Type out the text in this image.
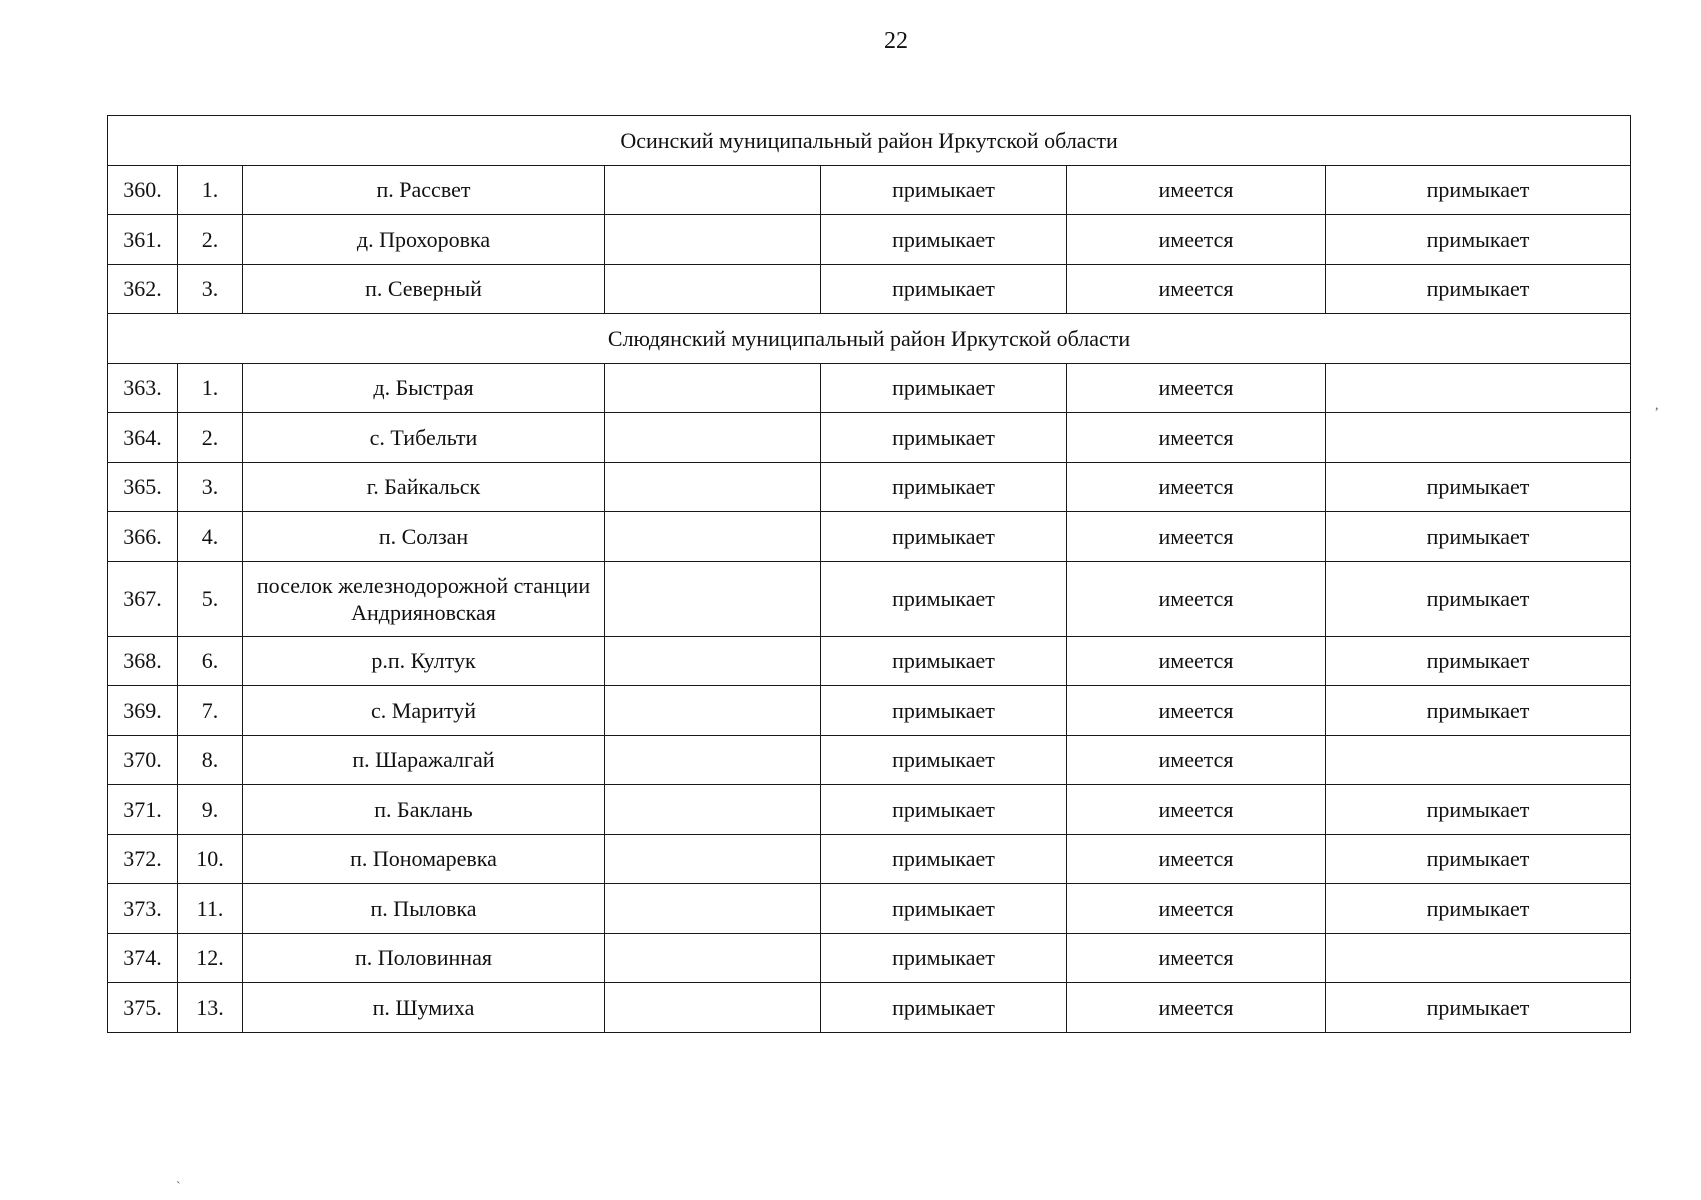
22
Осинский муниципальный район Иркутской области						
360.	1.	п. Рассвет		примыкает	имеется	примыкает
361.	2.	д. Прохоровка		примыкает	имеется	примыкает
362.	3.	п. Северный		примыкает	имеется	примыкает
Слюдянский муниципальный район Иркутской области						
363.	1.	д. Быстрая		примыкает	имеется	
364.	2.	с. Тибельти		примыкает	имеется	
365.	3.	г. Байкальск		примыкает	имеется	примыкает
366.	4.	п. Солзан		примыкает	имеется	примыкает
367.	5.	поселок железнодорожной станции Андрияновская		примыкает	имеется	примыкает
368.	6.	р.п. Култук		примыкает	имеется	примыкает
369.	7.	с. Маритуй		примыкает	имеется	примыкает
370.	8.	п. Шаражалгай		примыкает	имеется	
371.	9.	п. Баклань		примыкает	имеется	примыкает
372.	10.	п. Пономаревка		примыкает	имеется	примыкает
373.	11.	п. Пыловка		примыкает	имеется	примыкает
374.	12.	п. Половинная		примыкает	имеется	
375.	13.	п. Шумиха		примыкает	имеется	примыкает
,
`
